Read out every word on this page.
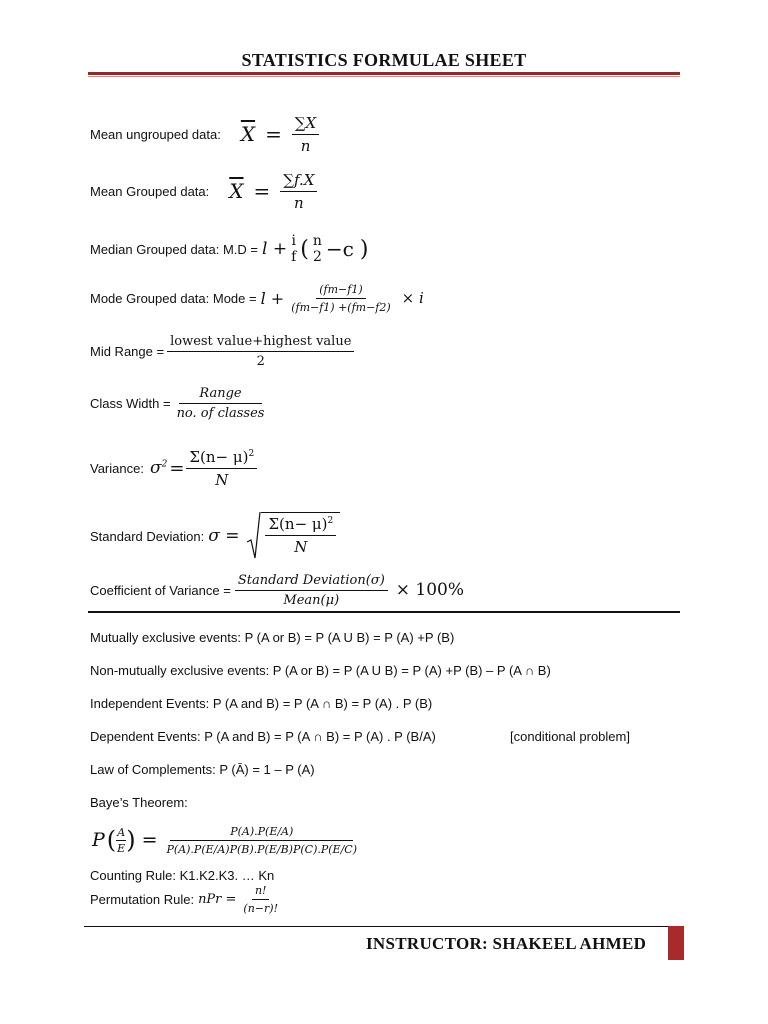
STATISTICS FORMULAE SHEET
Mean ungrouped data: $\overline{X} = \frac{\sum X}{n}$
Mean Grouped data: $\overline{X} = \frac{\sum f.X}{n}$
Median Grouped data: M.D = l + i
f ( n
2 −c )
Mode Grouped data: Mode = $l + \frac{(fm-f1)}{(fm-f1) +(fm-f2)} \times i$
Mid Range = $\frac{\text{lowest value+highest value}}{2}$
Class Width = $\frac{\text{Range}}{\text{no. of classes}}$
Variance: $\sigma^2 = \frac{\Sigma(n- \mu)^2}{N}$
Standard Deviation: $\sigma = \frac{\Sigma(n- \mu)^2}{N}$
Coefficient of Variance = $\frac{\text{Standard Deviation(σ)}}{\text{Mean(μ)}} \times 100\%$
Mutually exclusive events: P (A or B) = P (A U B) = P (A) +P (B)
Non-mutually exclusive events: P (A or B) = P (A U B) = P (A) +P (B) – P (A ∩ B)
Independent Events: P (A and B) = P (A ∩ B) = P (A) . P (B)
Dependent Events: P (A and B) = P (A ∩ B) = P (A) . P (B/A)	[conditional problem]
Law of Complements: P (Ā) = 1 – P (A)
Baye’s Theorem:
P ( $\frac{A}{E}$ ) = $\frac{P(A).P(E/A)}{P(A).P(E/A)P(B).P(E/B)P(C).P(E/C)}$
Counting Rule: K1.K2.K3. … Kn
Permutation Rule: nPr = $\frac{n!}{(n-r)!}$
INSTRUCTOR: SHAKEEL AHMED
